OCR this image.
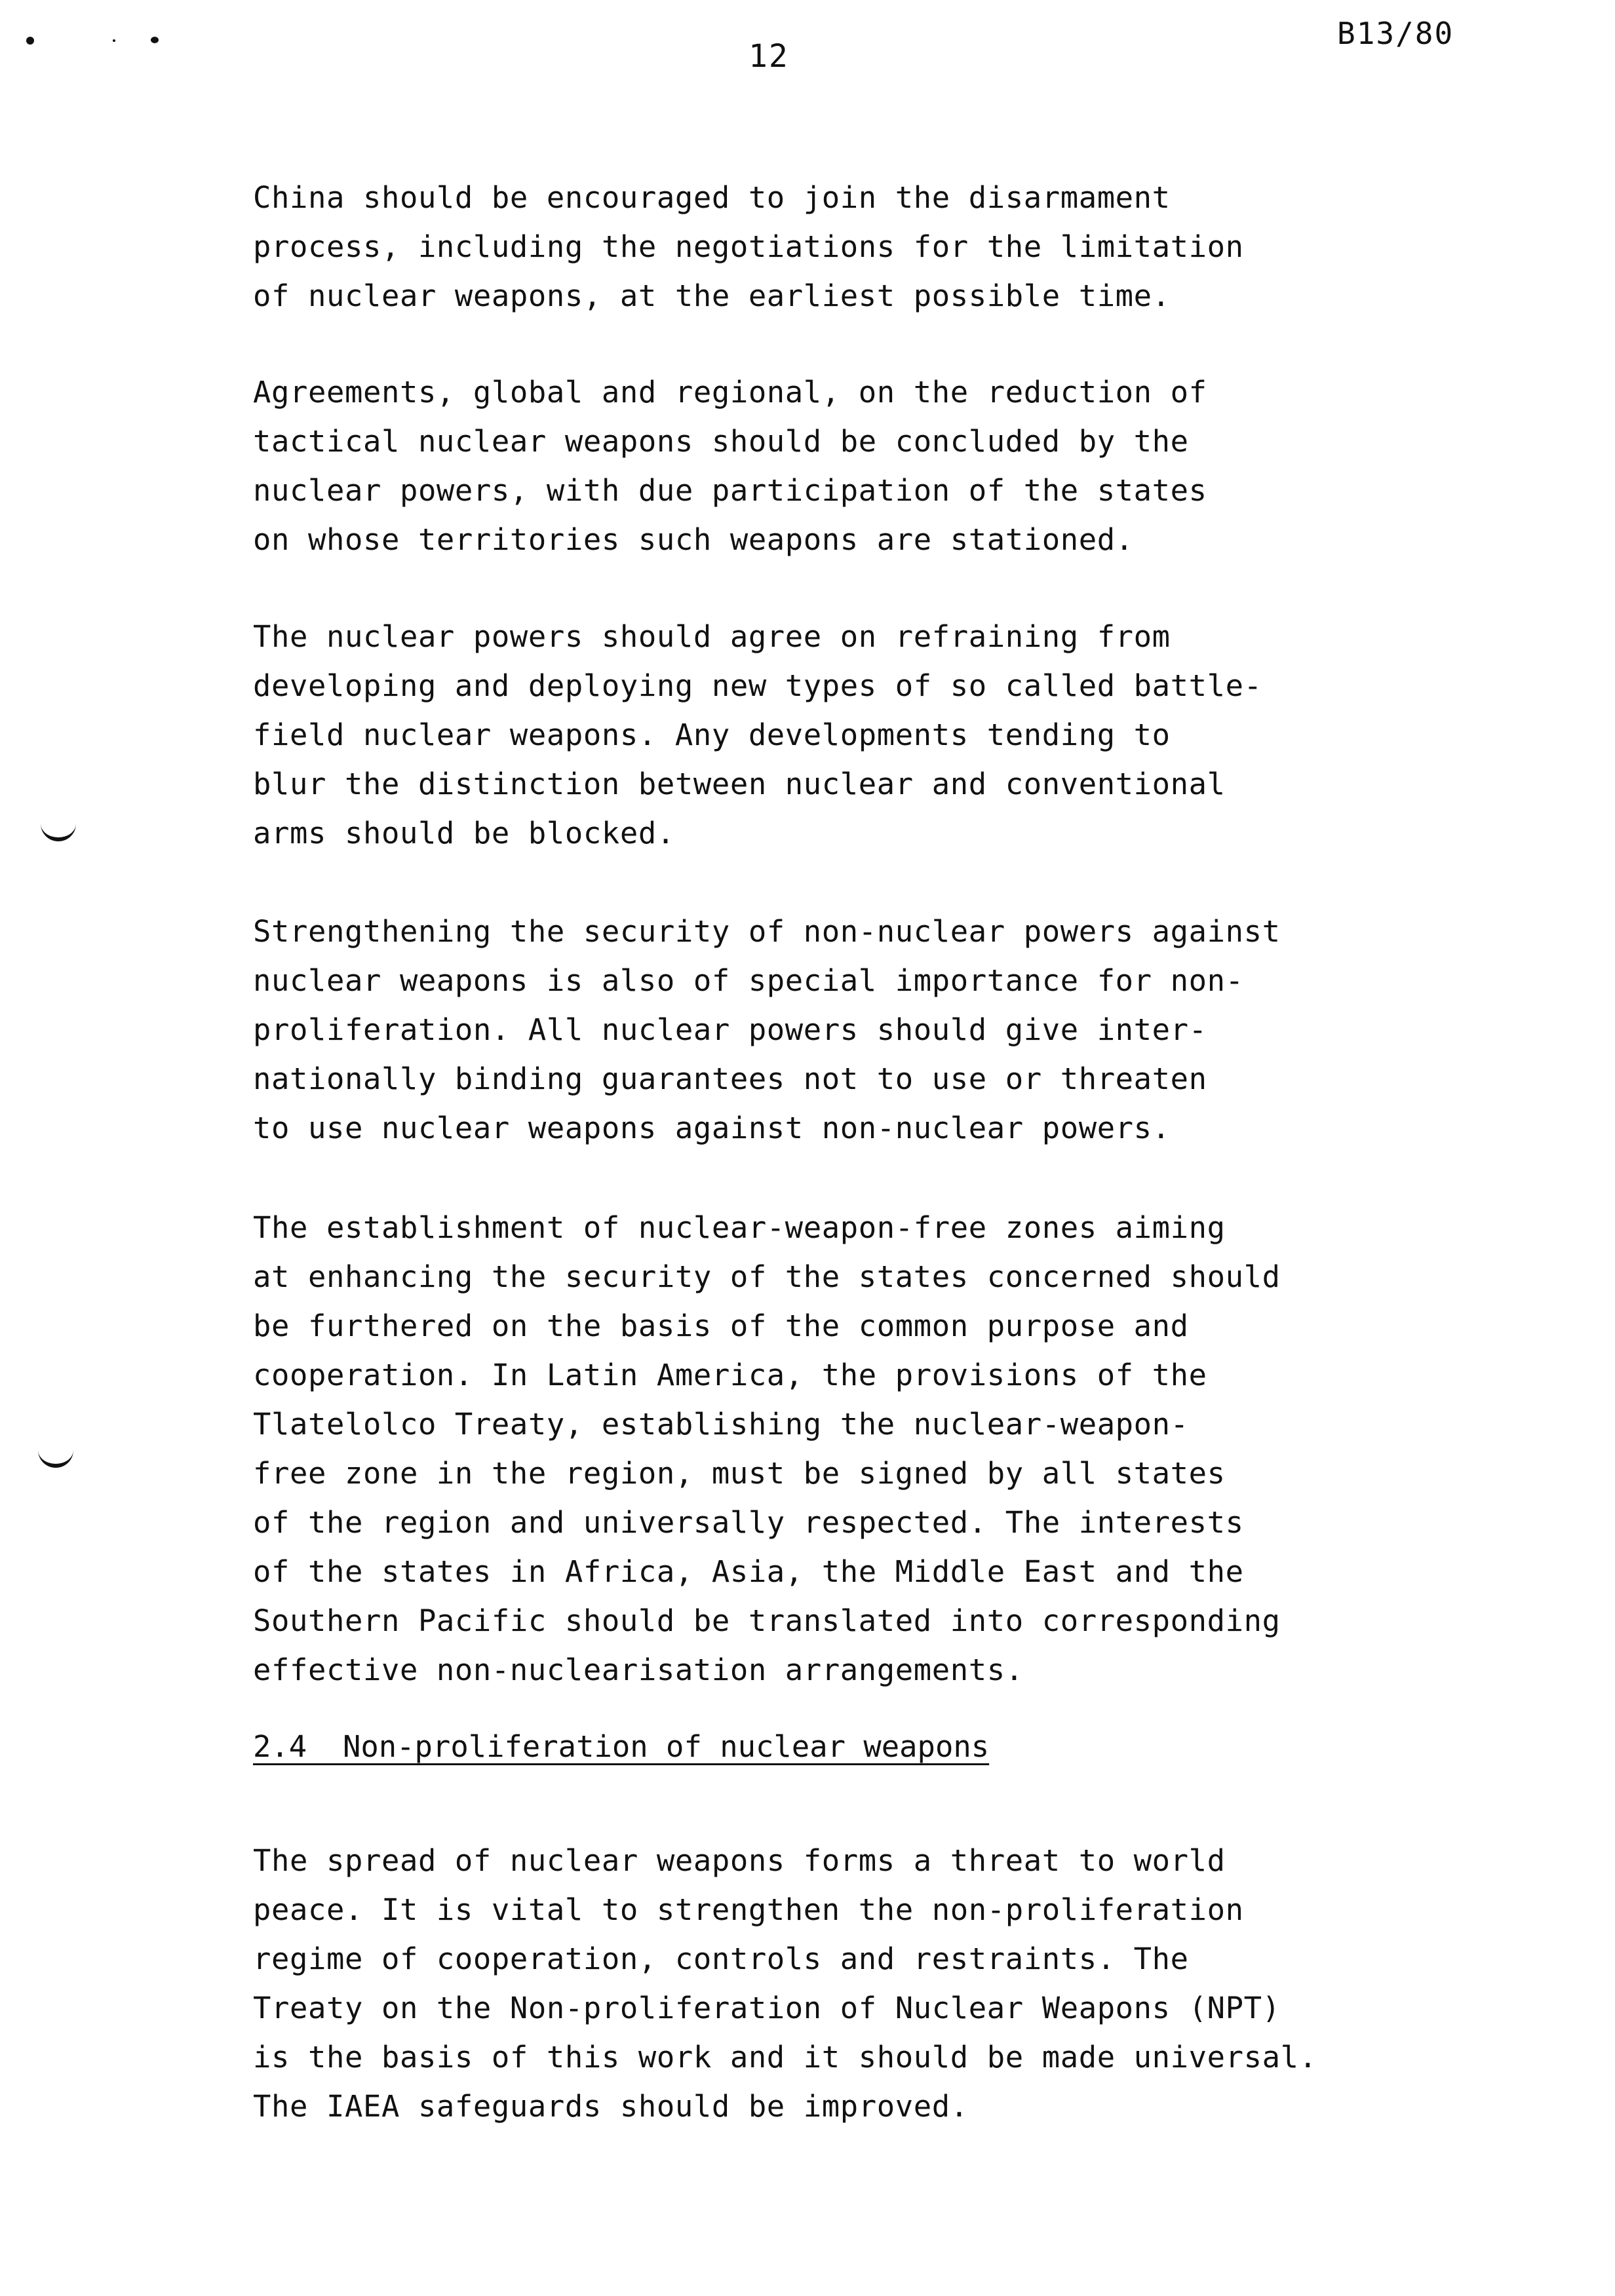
12
B13/80

China should be encouraged to join the disarmament
process, including the negotiations for the limitation
of nuclear weapons, at the earliest possible time.

Agreements, global and regional, on the reduction of
tactical nuclear weapons should be concluded by the
nuclear powers, with due participation of the states
on whose territories such weapons are stationed.

The nuclear powers should agree on refraining from
developing and deploying new types of so called battle-
field nuclear weapons. Any developments tending to
blur the distinction between nuclear and conventional
arms should be blocked.

Strengthening the security of non-nuclear powers against
nuclear weapons is also of special importance for non-
proliferation. All nuclear powers should give inter-
nationally binding guarantees not to use or threaten
to use nuclear weapons against non-nuclear powers.

The establishment of nuclear-weapon-free zones aiming
at enhancing the security of the states concerned should
be furthered on the basis of the common purpose and
cooperation. In Latin America, the provisions of the
Tlatelolco Treaty, establishing the nuclear-weapon-
free zone in the region, must be signed by all states
of the region and universally respected. The interests
of the states in Africa, Asia, the Middle East and the
Southern Pacific should be translated into corresponding
effective non-nuclearisation arrangements.

2.4  Non-proliferation of nuclear weapons

The spread of nuclear weapons forms a threat to world
peace. It is vital to strengthen the non-proliferation
regime of cooperation, controls and restraints. The
Treaty on the Non-proliferation of Nuclear Weapons (NPT)
is the basis of this work and it should be made universal.
The IAEA safeguards should be improved.
